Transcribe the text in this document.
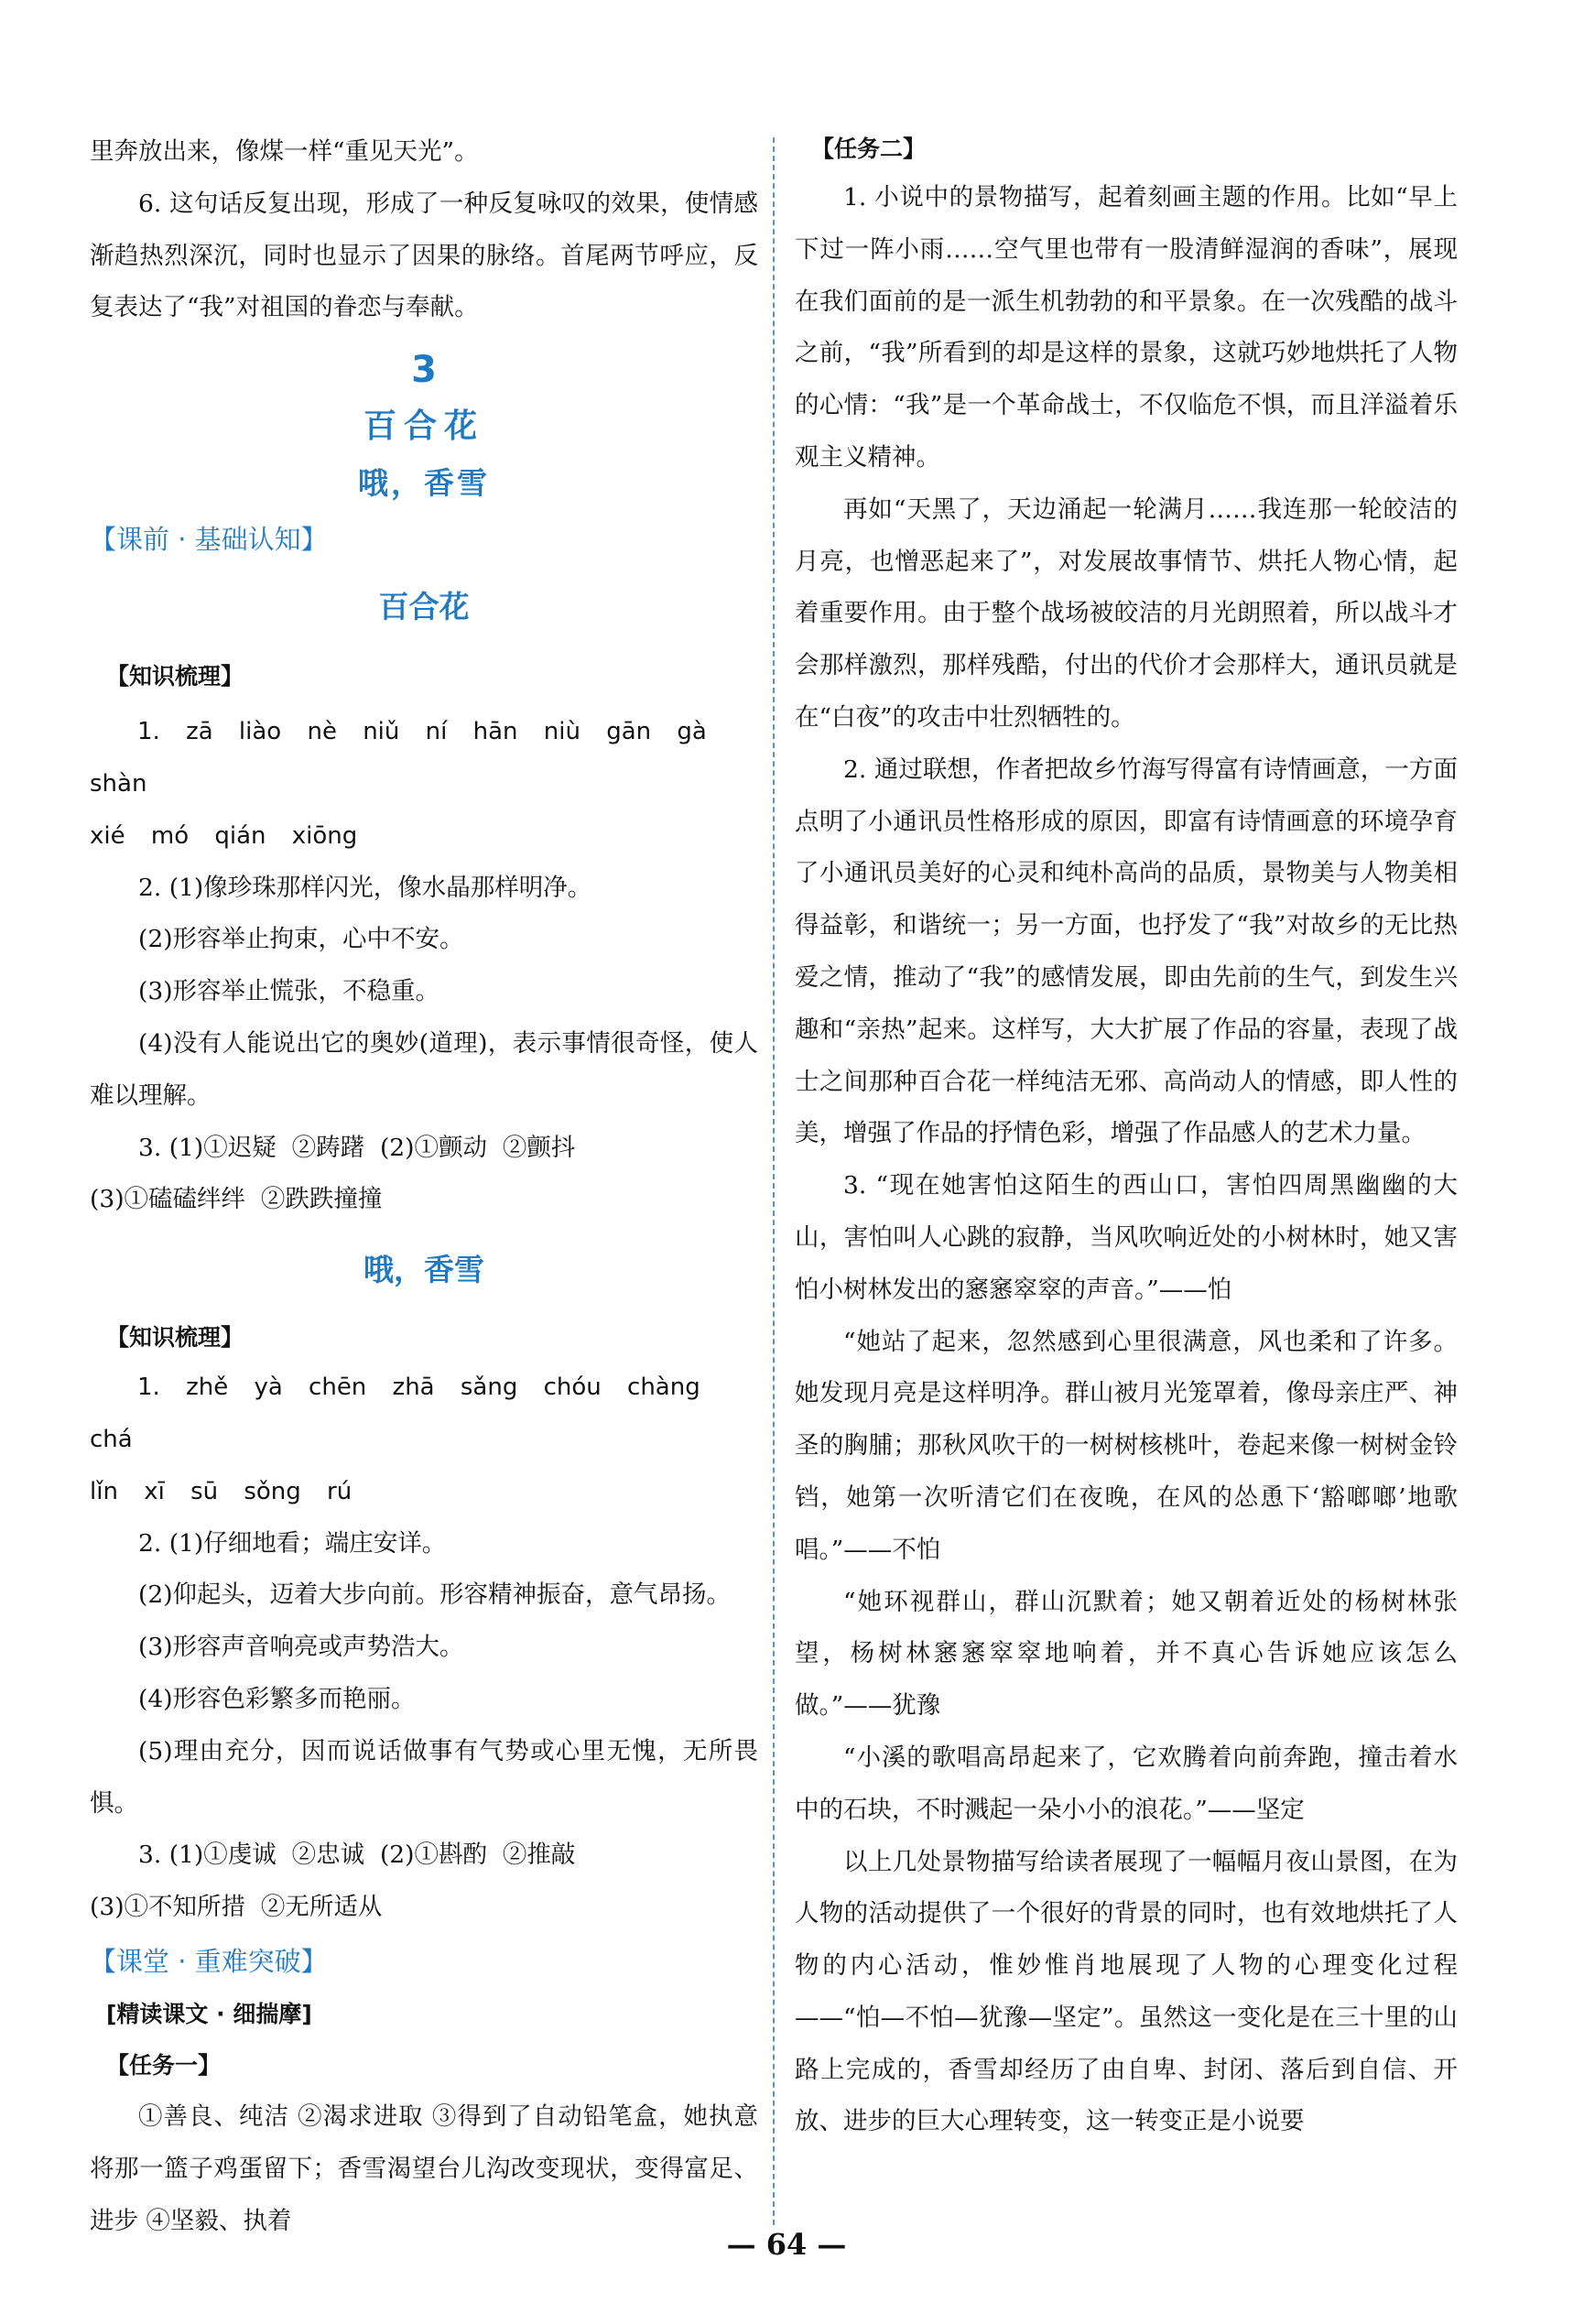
里奔放出来，像煤一样“重见天光”。

6. 这句话反复出现，形成了一种反复咏叹的效果，使情感渐趋热烈深沉，同时也显示了因果的脉络。首尾两节呼应，反复表达了“我”对祖国的眷恋与奉献。

3
百合花
哦，香雪
【课前 · 基础认知】
百合花
【知识梳理】

1. zā liào nè niǔ ní hān niù gān gà shàn

xié mó qián xiōng

2. (1)像珍珠那样闪光，像水晶那样明净。

(2)形容举止拘束，心中不安。

(3)形容举止慌张，不稳重。

(4)没有人能说出它的奥妙(道理)，表示事情很奇怪，使人难以理解。

3. (1)①迟疑  ②踌躇  (2)①颤动  ②颤抖

(3)①磕磕绊绊  ②跌跌撞撞

哦，香雪
【知识梳理】

1. zhě yà chēn zhā sǎng chóu chàng chá

lǐn xī sū sǒng rú

2. (1)仔细地看；端庄安详。

(2)仰起头，迈着大步向前。形容精神振奋，意气昂扬。

(3)形容声音响亮或声势浩大。

(4)形容色彩繁多而艳丽。

(5)理由充分，因而说话做事有气势或心里无愧，无所畏惧。

3. (1)①虔诚  ②忠诚  (2)①斟酌  ②推敲

(3)①不知所措  ②无所适从

【课堂 · 重难突破】
[精读课文 · 细揣摩]
【任务一】

①善良、纯洁 ②渴求进取 ③得到了自动铅笔盒，她执意将那一篮子鸡蛋留下；香雪渴望台儿沟改变现状，变得富足、进步 ④坚毅、执着

【任务二】

1. 小说中的景物描写，起着刻画主题的作用。比如“早上下过一阵小雨……空气里也带有一股清鲜湿润的香味”，展现在我们面前的是一派生机勃勃的和平景象。在一次残酷的战斗之前，“我”所看到的却是这样的景象，这就巧妙地烘托了人物的心情：“我”是一个革命战士，不仅临危不惧，而且洋溢着乐观主义精神。

再如“天黑了，天边涌起一轮满月……我连那一轮皎洁的月亮，也憎恶起来了”，对发展故事情节、烘托人物心情，起着重要作用。由于整个战场被皎洁的月光朗照着，所以战斗才会那样激烈，那样残酷，付出的代价才会那样大，通讯员就是在“白夜”的攻击中壮烈牺牲的。

2. 通过联想，作者把故乡竹海写得富有诗情画意，一方面点明了小通讯员性格形成的原因，即富有诗情画意的环境孕育了小通讯员美好的心灵和纯朴高尚的品质，景物美与人物美相得益彰，和谐统一；另一方面，也抒发了“我”对故乡的无比热爱之情，推动了“我”的感情发展，即由先前的生气，到发生兴趣和“亲热”起来。这样写，大大扩展了作品的容量，表现了战士之间那种百合花一样纯洁无邪、高尚动人的情感，即人性的美，增强了作品的抒情色彩，增强了作品感人的艺术力量。

3. “现在她害怕这陌生的西山口，害怕四周黑幽幽的大山，害怕叫人心跳的寂静，当风吹响近处的小树林时，她又害怕小树林发出的窸窸窣窣的声音。”——怕

“她站了起来，忽然感到心里很满意，风也柔和了许多。她发现月亮是这样明净。群山被月光笼罩着，像母亲庄严、神圣的胸脯；那秋风吹干的一树树核桃叶，卷起来像一树树金铃铛，她第一次听清它们在夜晚，在风的怂恿下‘豁啷啷’地歌唱。”——不怕

“她环视群山，群山沉默着；她又朝着近处的杨树林张望，杨树林窸窸窣窣地响着，并不真心告诉她应该怎么做。”——犹豫

“小溪的歌唱高昂起来了，它欢腾着向前奔跑，撞击着水中的石块，不时溅起一朵小小的浪花。”——坚定

以上几处景物描写给读者展现了一幅幅月夜山景图，在为人物的活动提供了一个很好的背景的同时，也有效地烘托了人物的内心活动，惟妙惟肖地展现了人物的心理变化过程——“怕—不怕—犹豫—坚定”。虽然这一变化是在三十里的山路上完成的，香雪却经历了由自卑、封闭、落后到自信、开放、进步的巨大心理转变，这一转变正是小说要

— 64 —
